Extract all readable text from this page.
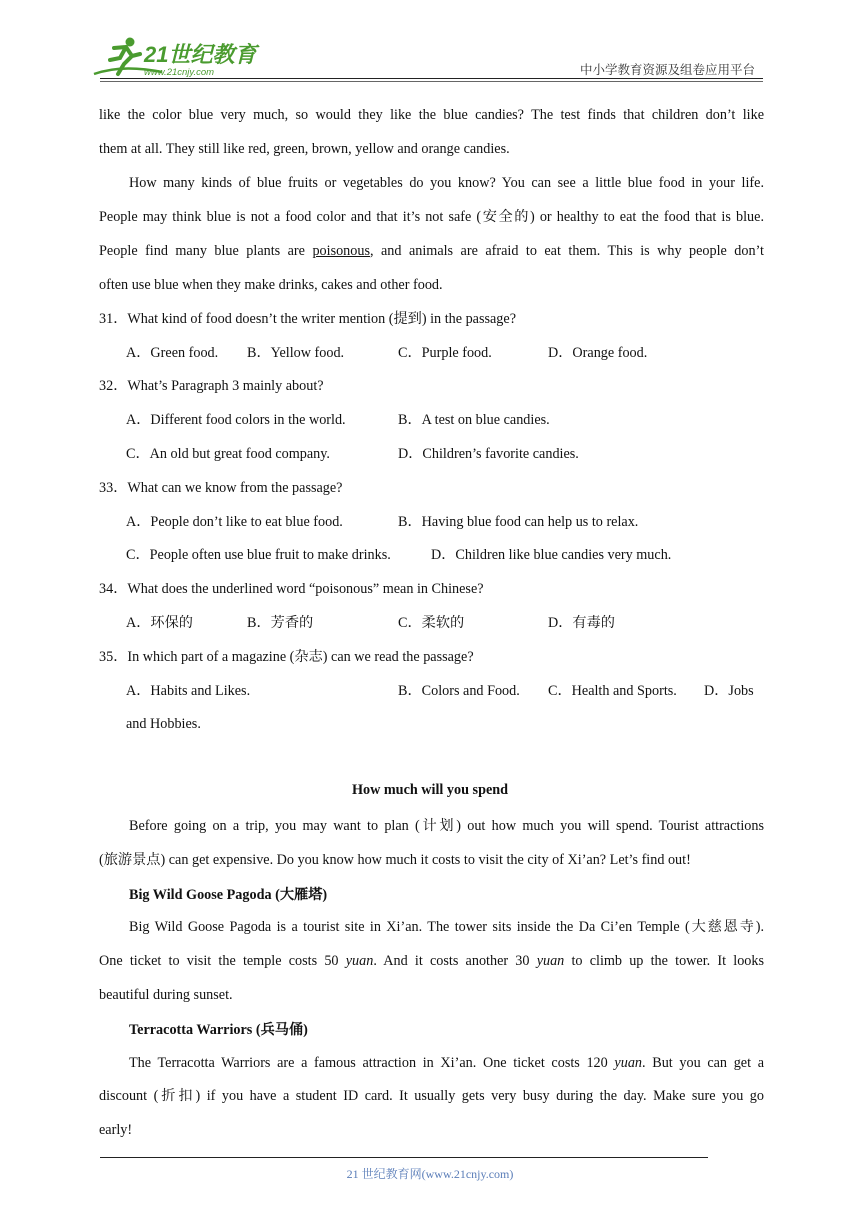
21世纪教育
www.21cnjy.com	中小学教育资源及组卷应用平台
like the color blue very much, so would they like the blue candies? The test finds that children don’t like
them at all. They still like red, green, brown, yellow and orange candies.
How many kinds of blue fruits or vegetables do you know? You can see a little blue food in your life.
People may think blue is not a food color and that it’s not safe (安全的) or healthy to eat the food that is blue.
People find many blue plants are poisonous, and animals are afraid to eat them. This is why people don’t
often use blue when they make drinks, cakes and other food.
31．What kind of food doesn’t the writer mention (提到) in the passage?
A．Green food. B．Yellow food.	C．Purple food.	D．Orange food.
32．What’s Paragraph 3 mainly about?
A．Different food colors in the world.	B．A test on blue candies.
C．An old but great food company.	D．Children’s favorite candies.
33．What can we know from the passage?
A．People don’t like to eat blue food.	B．Having blue food can help us to relax.
C．People often use blue fruit to make drinks.	D．Children like blue candies very much.
34．What does the underlined word “poisonous” mean in Chinese?
A．环保的	B．芳香的	C．柔软的	D．有毒的
35．In which part of a magazine (杂志) can we read the passage?
A．Habits and Likes.	B．Colors and Food. C．Health and Sports. D．Jobs
and Hobbies.
How much will you spend
Before going on a trip, you may want to plan (计划) out how much you will spend. Tourist attractions
(旅游景点) can get expensive. Do you know how much it costs to visit the city of Xi’an? Let’s find out!
Big Wild Goose Pagoda (大雁塔)
Big Wild Goose Pagoda is a tourist site in Xi’an. The tower sits inside the Da Ci’en Temple (大慈恩寺).
One ticket to visit the temple costs 50 yuan. And it costs another 30 yuan to climb up the tower. It looks
beautiful during sunset.
Terracotta Warriors (兵马俑)
The Terracotta Warriors are a famous attraction in Xi’an. One ticket costs 120 yuan. But you can get a
discount (折扣) if you have a student ID card. It usually gets very busy during the day. Make sure you go
early!
21 世纪教育网(www.21cnjy.com)
